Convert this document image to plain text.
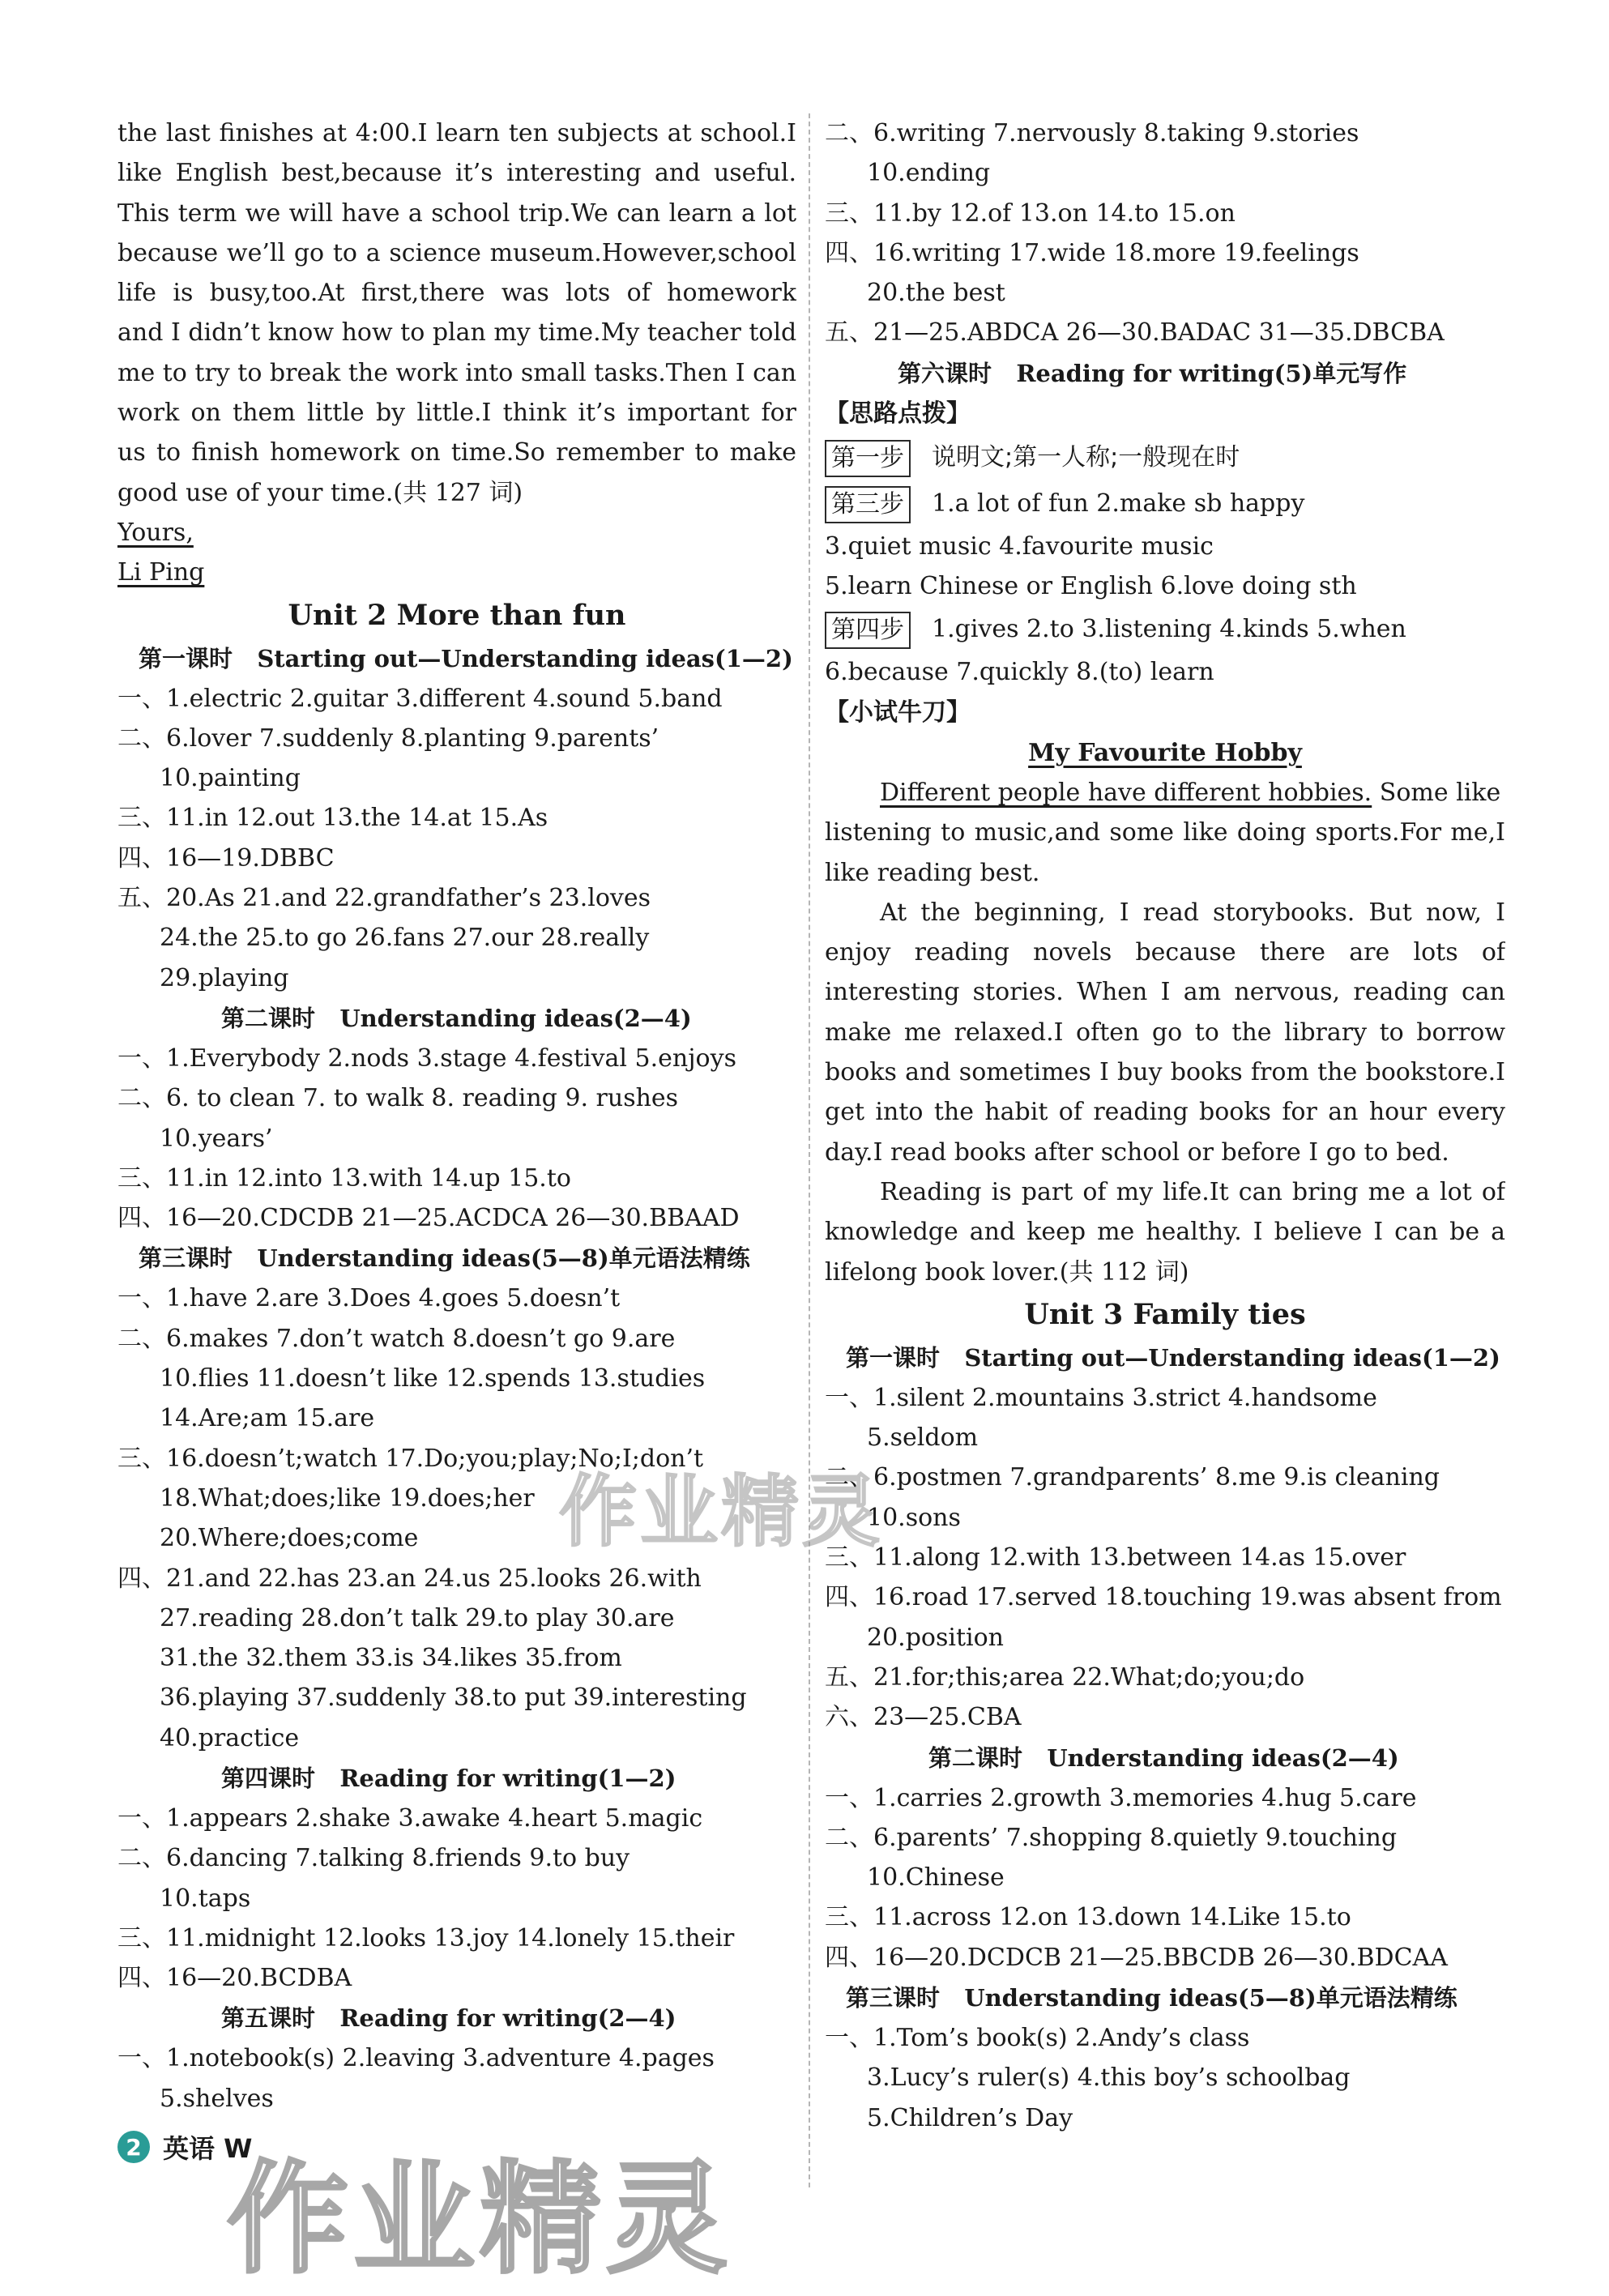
the last finishes at 4:00.I learn ten subjects at school.I
like English best,because it’s interesting and useful.
This term we will have a school trip.We can learn a lot
because we’ll go to a science museum.However,school
life is busy,too.At first,there was lots of homework
and I didn’t know how to plan my time.My teacher told
me to try to break the work into small tasks.Then I can
work on them little by little.I think it’s important for
us to finish homework on time.So remember to make
good use of your time.(共 127 词)
Yours,
Li Ping
Unit 2 More than fun
第一课时 Starting out—Understanding ideas(1—2)
一、1.electric 2.guitar 3.different 4.sound 5.band
二、6.lover 7.suddenly 8.planting 9.parents’
10.painting
三、11.in 12.out 13.the 14.at 15.As
四、16—19.DBBC
五、20.As 21.and 22.grandfather’s 23.loves
24.the 25.to go 26.fans 27.our 28.really
29.playing
第二课时 Understanding ideas(2—4)
一、1.Everybody 2.nods 3.stage 4.festival 5.enjoys
二、6. to clean 7. to walk 8. reading 9. rushes
10.years’
三、11.in 12.into 13.with 14.up 15.to
四、16—20.CDCDB 21—25.ACDCA 26—30.BBAAD
第三课时 Understanding ideas(5—8)单元语法精练
一、1.have 2.are 3.Does 4.goes 5.doesn’t
二、6.makes 7.don’t watch 8.doesn’t go 9.are
10.flies 11.doesn’t like 12.spends 13.studies
14.Are;am 15.are
三、16.doesn’t;watch 17.Do;you;play;No;I;don’t
18.What;does;like 19.does;her
20.Where;does;come
四、21.and 22.has 23.an 24.us 25.looks 26.with
27.reading 28.don’t talk 29.to play 30.are
31.the 32.them 33.is 34.likes 35.from
36.playing 37.suddenly 38.to put 39.interesting
40.practice
第四课时 Reading for writing(1—2)
一、1.appears 2.shake 3.awake 4.heart 5.magic
二、6.dancing 7.talking 8.friends 9.to buy
10.taps
三、11.midnight 12.looks 13.joy 14.lonely 15.their
四、16—20.BCDBA
第五课时 Reading for writing(2—4)
一、1.notebook(s) 2.leaving 3.adventure 4.pages
5.shelves
二、6.writing 7.nervously 8.taking 9.stories
10.ending
三、11.by 12.of 13.on 14.to 15.on
四、16.writing 17.wide 18.more 19.feelings
20.the best
五、21—25.ABDCA 26—30.BADAC 31—35.DBCBA
第六课时 Reading for writing(5)单元写作
【思路点拨】
第一步 说明文;第一人称;一般现在时
第三步 1.a lot of fun 2.make sb happy
3.quiet music 4.favourite music
5.learn Chinese or English 6.love doing sth
第四步 1.gives 2.to 3.listening 4.kinds 5.when
6.because 7.quickly 8.(to) learn
【小试牛刀】
My Favourite Hobby
Different people have different hobbies. Some like
listening to music,and some like doing sports.For me,I
like reading best.
At the beginning, I read storybooks. But now, I
enjoy reading novels because there are lots of
interesting stories. When I am nervous, reading can
make me relaxed.I often go to the library to borrow
books and sometimes I buy books from the bookstore.I
get into the habit of reading books for an hour every
day.I read books after school or before I go to bed.
Reading is part of my life.It can bring me a lot of
knowledge and keep me healthy. I believe I can be a
lifelong book lover.(共 112 词)
Unit 3 Family ties
第一课时 Starting out—Understanding ideas(1—2)
一、1.silent 2.mountains 3.strict 4.handsome
5.seldom
二、6.postmen 7.grandparents’ 8.me 9.is cleaning
10.sons
三、11.along 12.with 13.between 14.as 15.over
四、16.road 17.served 18.touching 19.was absent from
20.position
五、21.for;this;area 22.What;do;you;do
六、23—25.CBA
第二课时 Understanding ideas(2—4)
一、1.carries 2.growth 3.memories 4.hug 5.care
二、6.parents’ 7.shopping 8.quietly 9.touching
10.Chinese
三、11.across 12.on 13.down 14.Like 15.to
四、16—20.DCDCB 21—25.BBCDB 26—30.BDCAA
第三课时 Understanding ideas(5—8)单元语法精练
一、1.Tom’s book(s) 2.Andy’s class
3.Lucy’s ruler(s) 4.this boy’s schoolbag
5.Children’s Day
2 英语 W
作业精灵
作业精灵
